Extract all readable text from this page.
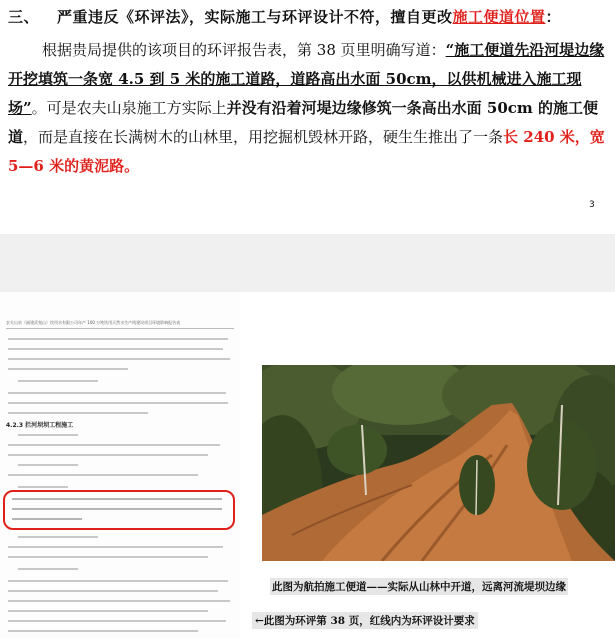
三、 严重违反《环评法》，实际施工与环评设计不符，擅自更改施工便道位置：
根据贵局提供的该项目的环评报告表，第 38 页里明确写道：“施工便道先沿河堤边缘开挖填筑一条宽 4.5 到 5 米的施工道路，道路高出水面 50cm，以供机械进入施工现场”。可是农夫山泉施工方实际上并没有沿着河堤边缘修筑一条高出水面 50cm 的施工便道，而是直接在长满树木的山林里，用挖掘机毁林开路，硬生生推出了一条长 240 米，宽 5—6 米的黄泥路。
3
农夫山泉（福建武夷山）饮用水有限公司年产 100 万吨饮用天然水生产线建设项目环境影响报告表
4.2.3 拦河坝坝工程施工
此图为航拍施工便道——实际从山林中开道，远离河流堤坝边缘
←此图为环评第 38 页，红线内为环评设计要求
